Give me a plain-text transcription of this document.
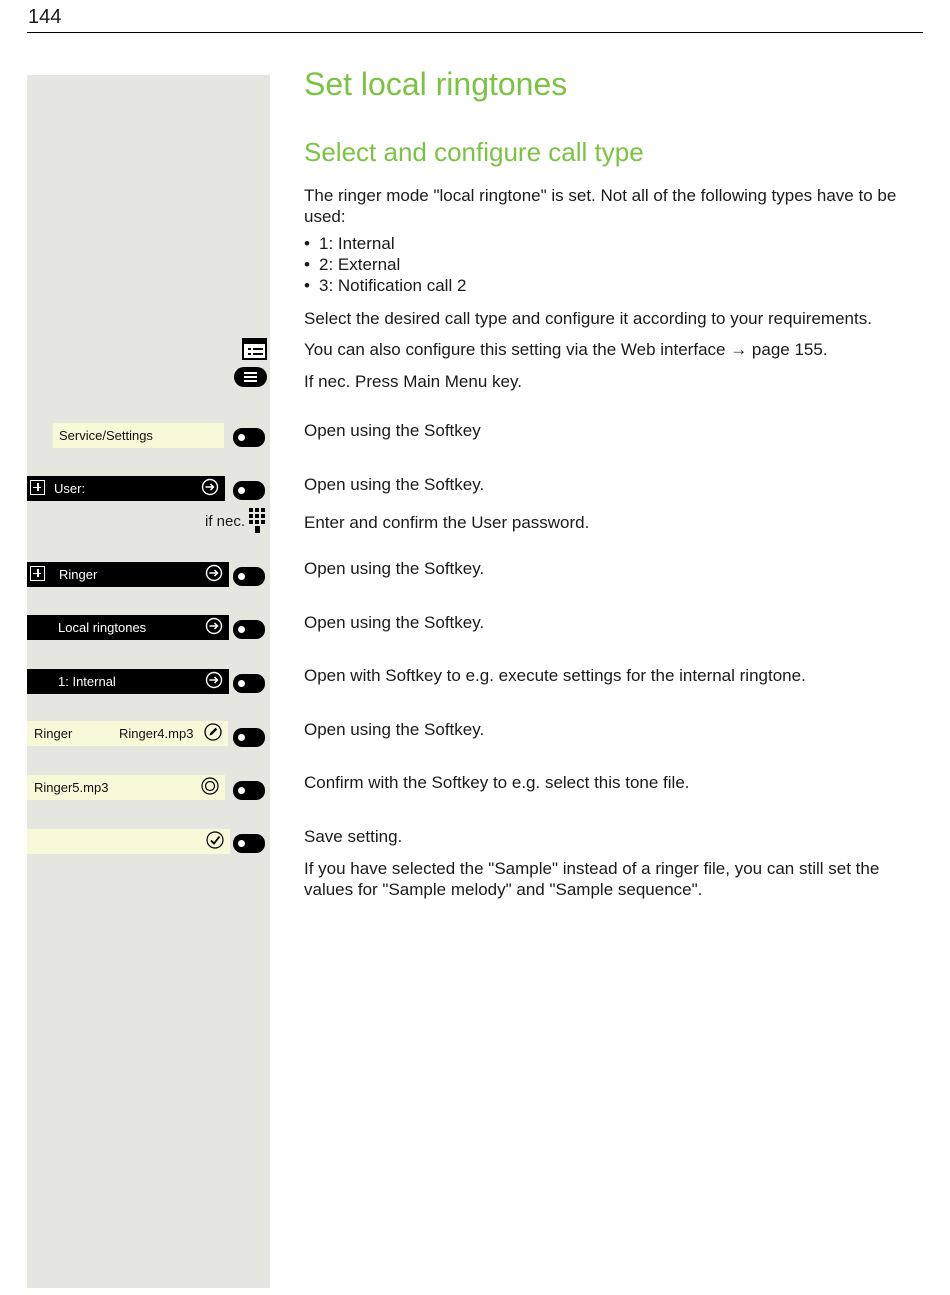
144
Set local ringtones
Select and configure call type

The ringer mode "local ringtone" is set. Not all of the following types have to be used:

• 1: Internal
• 2: External
• 3: Notification call 2

Select the desired call type and configure it according to your requirements.

You can also configure this setting via the Web interface → page 155.

If nec. Press Main Menu key.

Service/Settings	Open using the Softkey

User:	Open using the Softkey.

if nec.	Enter and confirm the User password.

Ringer	Open using the Softkey.

Local ringtones	Open using the Softkey.

1: Internal	Open with Softkey to e.g. execute settings for the internal ringtone.

Ringer	Ringer4.mp3	Open using the Softkey.

Ringer5.mp3	Confirm with the Softkey to e.g. select this tone file.

Save setting.

If you have selected the "Sample" instead of a ringer file, you can still set the values for "Sample melody" and "Sample sequence".
